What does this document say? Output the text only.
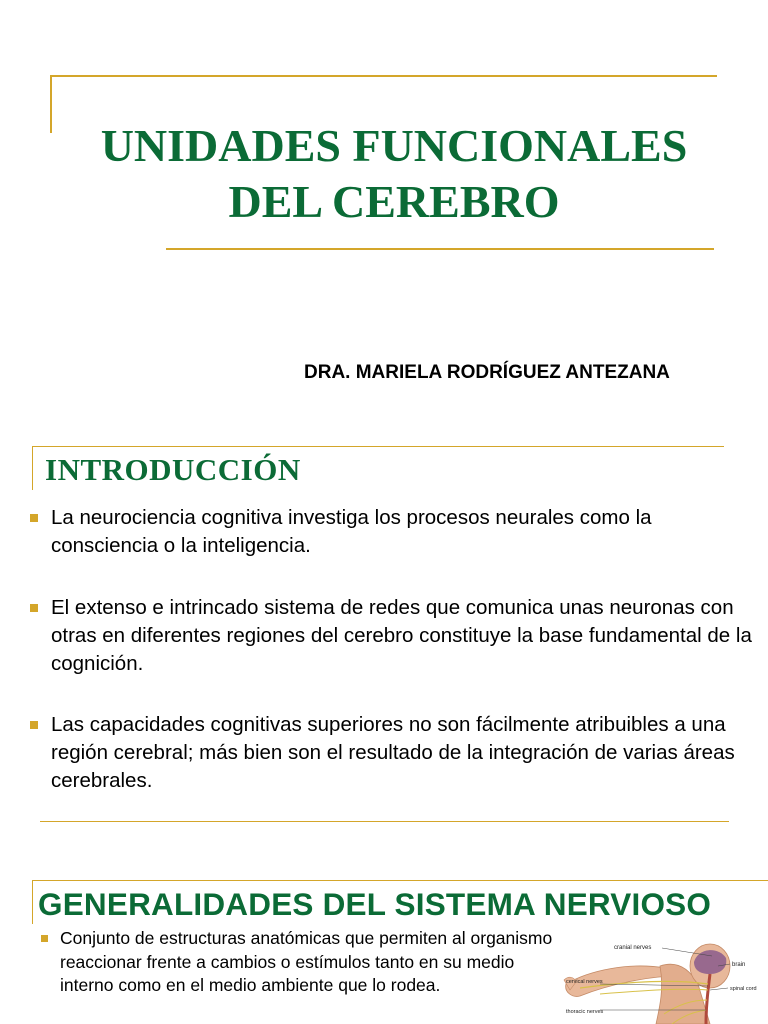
UNIDADES FUNCIONALES
DEL CEREBRO
DRA. MARIELA RODRÍGUEZ ANTEZANA
INTRODUCCIÓN
La neurociencia cognitiva investiga los procesos neurales como la consciencia o la inteligencia.
El extenso e intrincado sistema de redes que comunica unas neuronas con otras en diferentes regiones del cerebro constituye la base fundamental de la cognición.
Las capacidades cognitivas superiores no son fácilmente atribuibles a una región cerebral; más bien son el resultado de la integración de varias áreas cerebrales.
GENERALIDADES DEL SISTEMA NERVIOSO
Conjunto de estructuras anatómicas que permiten al organismo reaccionar frente a cambios o estímulos tanto en su medio interno como en el medio ambiente que lo rodea.
cranial nerves
brain
cervical nerves
spinal cord
thoracic nerves
